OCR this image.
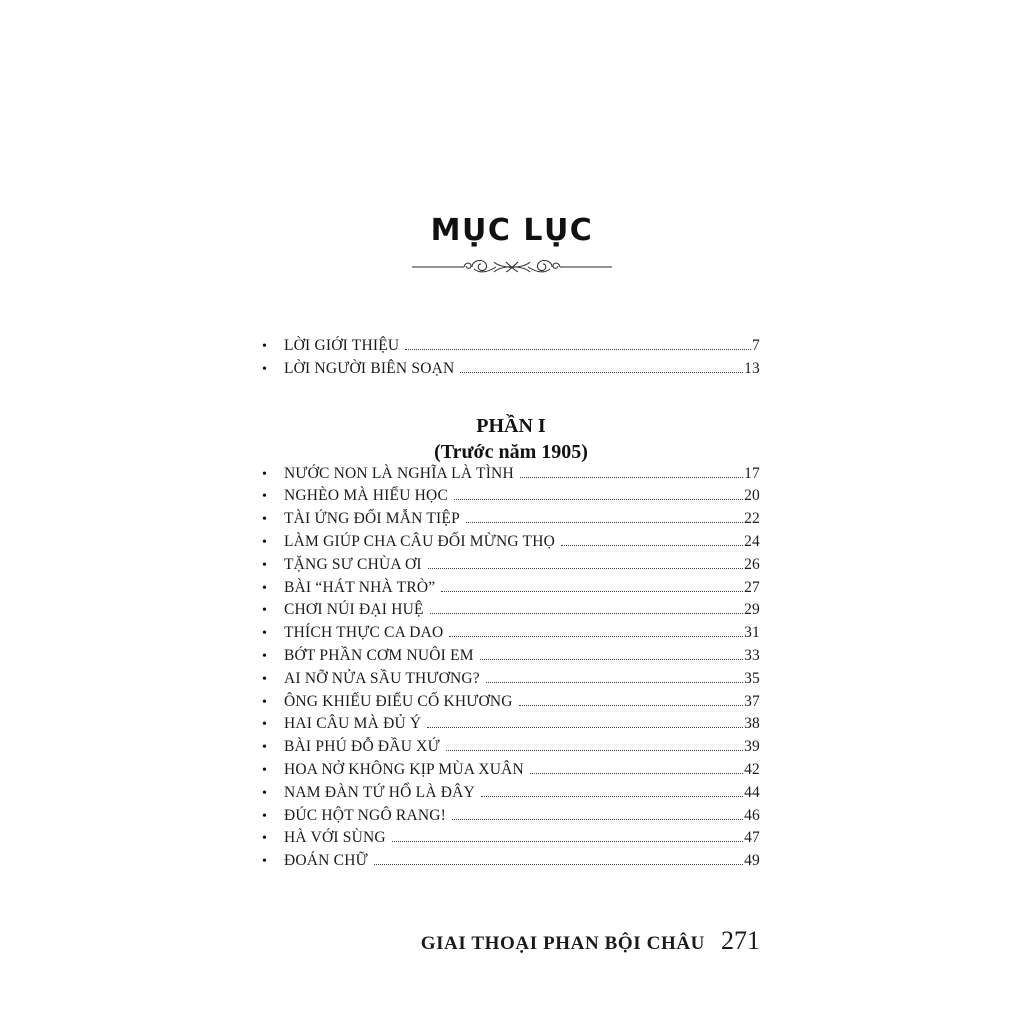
MỤC LỤC
•	LỜI GIỚI THIỆU	7
•	LỜI NGƯỜI BIÊN SOẠN	13
PHẦN I
(Trước năm 1905)
•	NƯỚC NON LÀ NGHĨA LÀ TÌNH	17
•	NGHÈO MÀ HIẾU HỌC	20
•	TÀI ỨNG ĐỐI MẪN TIỆP	22
•	LÀM GIÚP CHA CÂU ĐỐI MỪNG THỌ	24
•	TẶNG SƯ CHÙA ƠI	26
•	BÀI “HÁT NHÀ TRÒ”	27
•	CHƠI NÚI ĐẠI HUỆ	29
•	THÍCH THỰC CA DAO	31
•	BỚT PHẦN CƠM NUÔI EM	33
•	AI NỠ NỬA SẦU THƯƠNG?	35
•	ÔNG KHIẾU ĐIẾU CỐ KHƯƠNG	37
•	HAI CÂU MÀ ĐỦ Ý	38
•	BÀI PHÚ ĐỖ ĐẦU XỨ	39
•	HOA NỞ KHÔNG KỊP MÙA XUÂN	42
•	NAM ĐÀN TỨ HỔ LÀ ĐÂY	44
•	ĐÚC HỘT NGÔ RANG!	46
•	HÀ VỚI SÙNG	47
•	ĐOÁN CHỮ	49
GIAI THOẠI PHAN BỘI CHÂU 271
